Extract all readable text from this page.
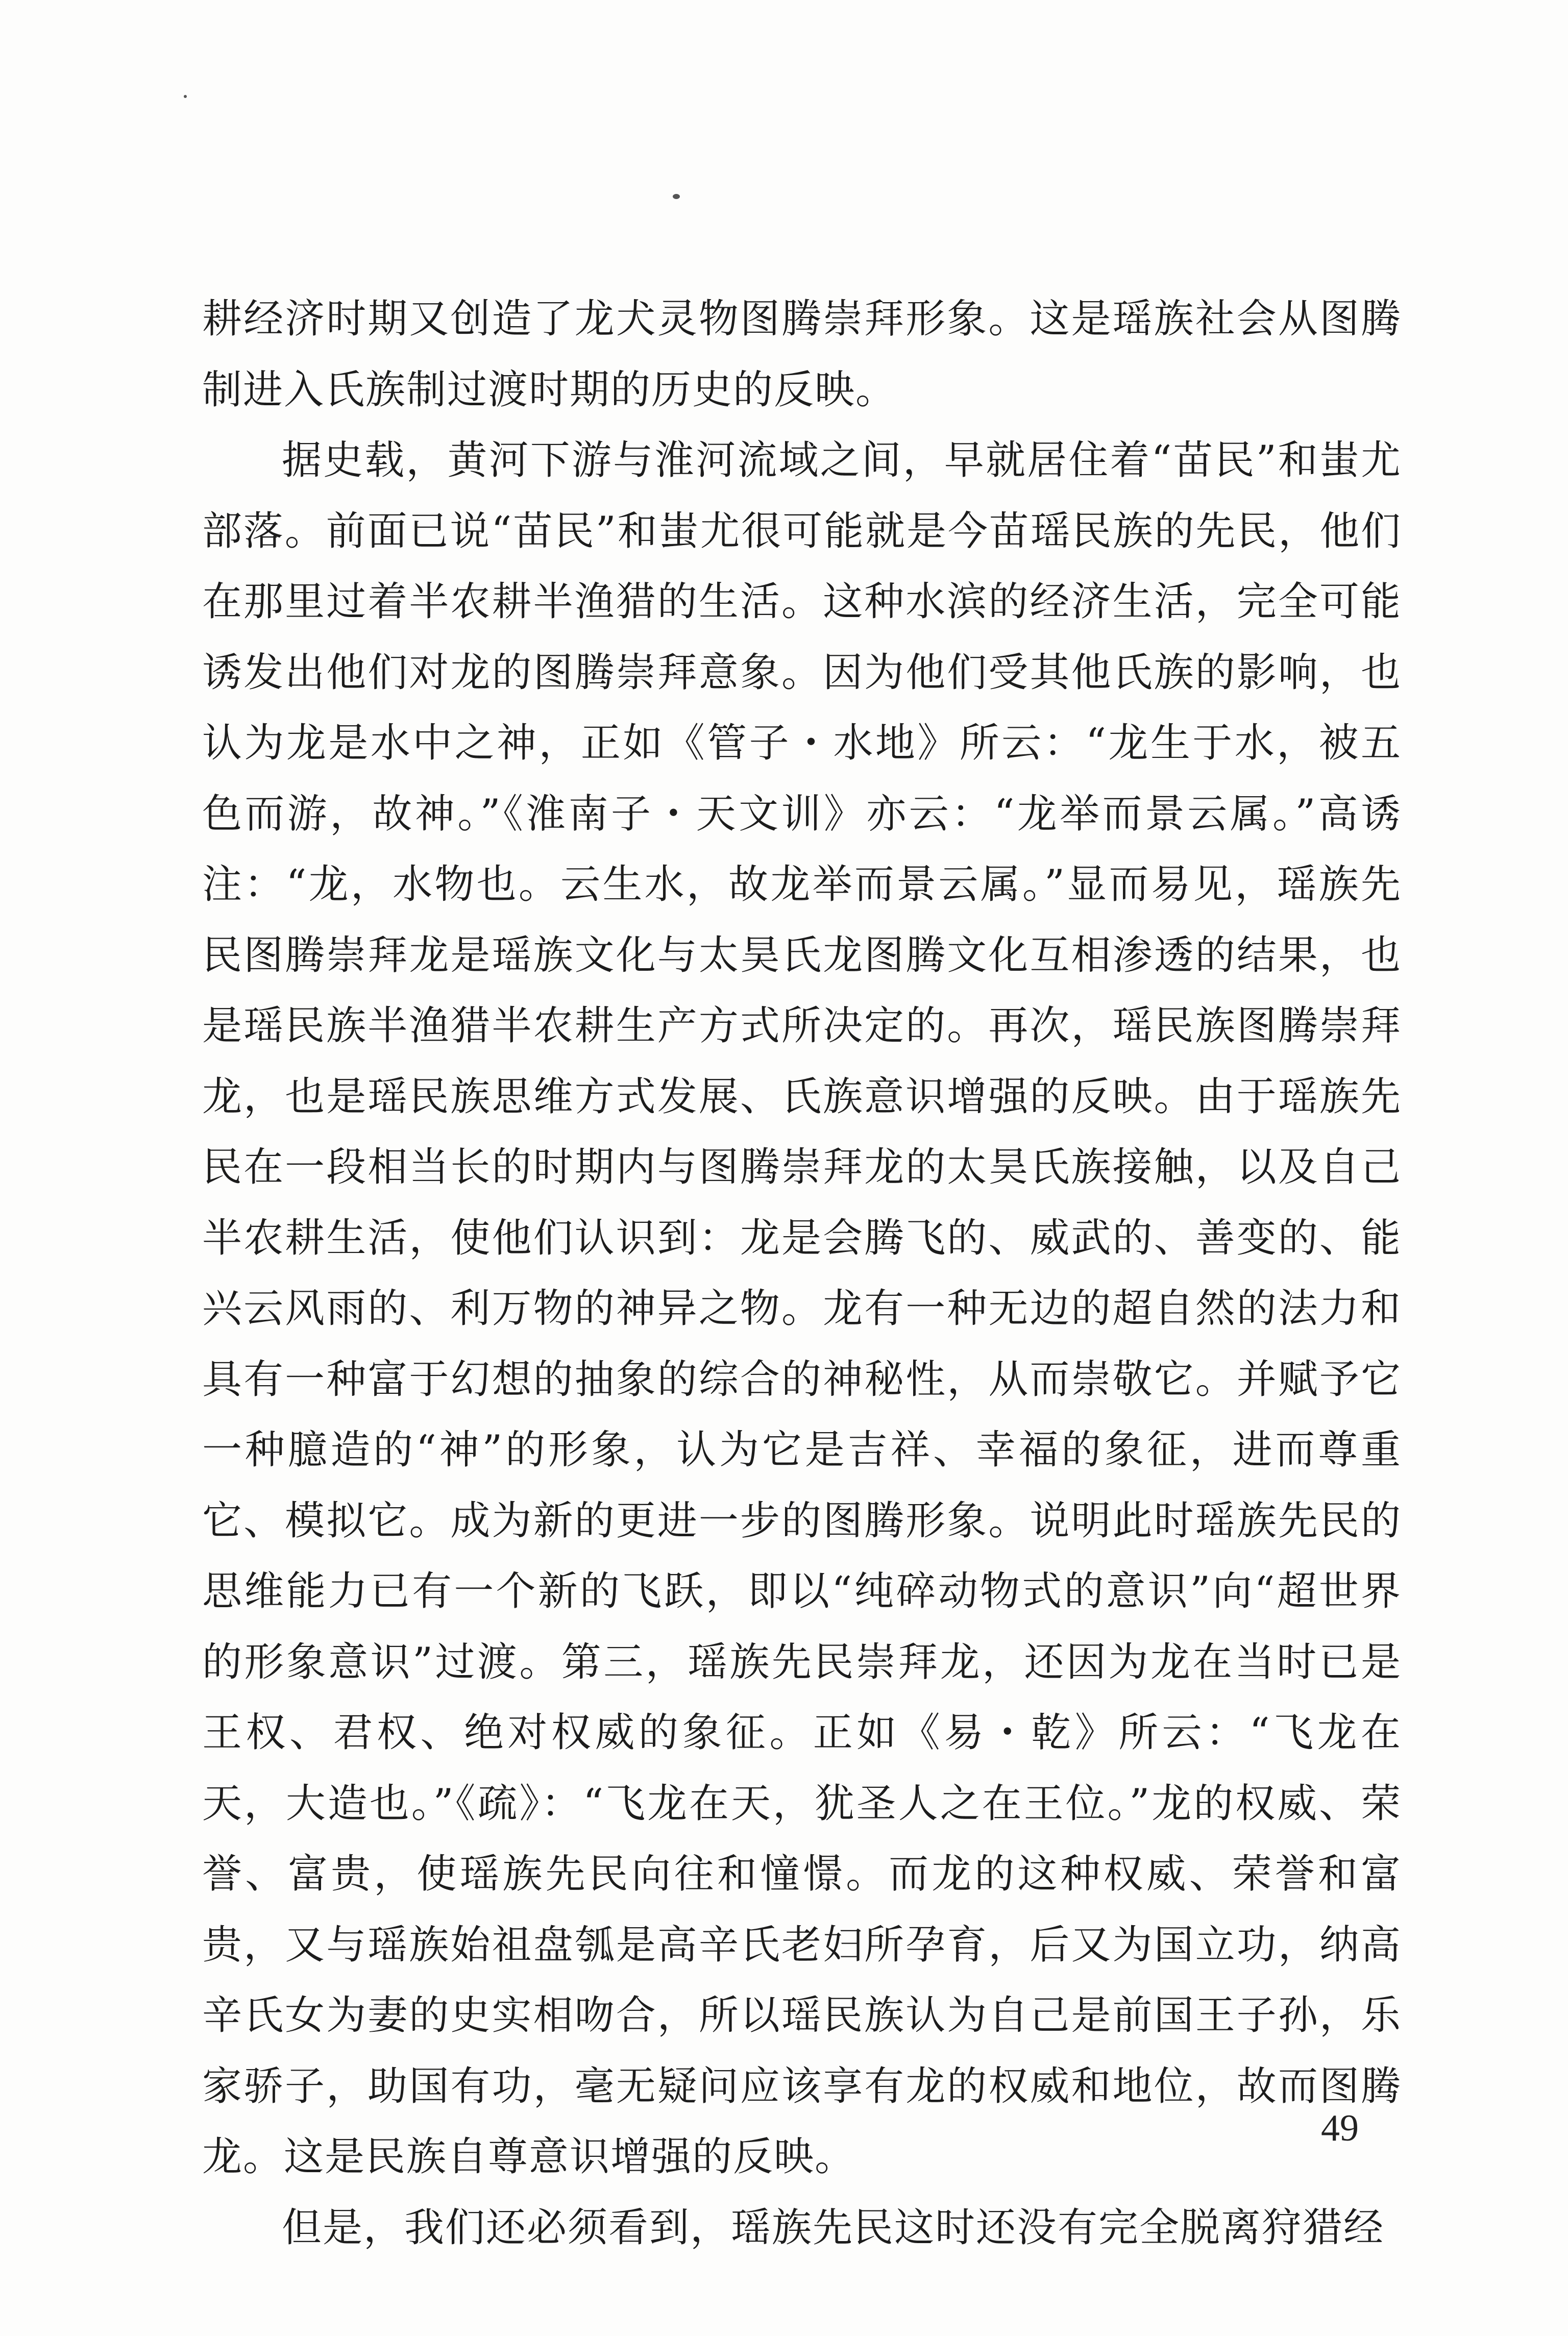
耕经济时期又创造了龙犬灵物图腾崇拜形象。这是瑶族社会从图腾制进入氏族制过渡时期的历史的反映。

据史载，黄河下游与淮河流域之间，早就居住着“苗民”和蚩尤部落。前面已说“苗民”和蚩尤很可能就是今苗瑶民族的先民，他们在那里过着半农耕半渔猎的生活。这种水滨的经济生活，完全可能诱发出他们对龙的图腾崇拜意象。因为他们受其他氏族的影响，也认为龙是水中之神，正如《管子・水地》所云：“龙生于水，被五色而游，故神。”《淮南子・天文训》亦云：“龙举而景云属。”高诱注：“龙，水物也。云生水，故龙举而景云属。”显而易见，瑶族先民图腾崇拜龙是瑶族文化与太昊氏龙图腾文化互相渗透的结果，也是瑶民族半渔猎半农耕生产方式所决定的。再次，瑶民族图腾崇拜龙，也是瑶民族思维方式发展、氏族意识增强的反映。由于瑶族先民在一段相当长的时期内与图腾崇拜龙的太昊氏族接触，以及自己半农耕生活，使他们认识到：龙是会腾飞的、威武的、善变的、能兴云风雨的、利万物的神异之物。龙有一种无边的超自然的法力和具有一种富于幻想的抽象的综合的神秘性，从而崇敬它。并赋予它一种臆造的“神”的形象，认为它是吉祥、幸福的象征，进而尊重它、模拟它。成为新的更进一步的图腾形象。说明此时瑶族先民的思维能力已有一个新的飞跃，即以“纯碎动物式的意识”向“超世界的形象意识”过渡。第三，瑶族先民崇拜龙，还因为龙在当时已是王权、君权、绝对权威的象征。正如《易・乾》所云：“飞龙在天，大造也。”《疏》：“飞龙在天，犹圣人之在王位。”龙的权威、荣誉、富贵，使瑶族先民向往和憧憬。而龙的这种权威、荣誉和富贵，又与瑶族始祖盘瓠是高辛氏老妇所孕育，后又为国立功，纳高辛氏女为妻的史实相吻合，所以瑶民族认为自己是前国王子孙，乐家骄子，助国有功，毫无疑问应该享有龙的权威和地位，故而图腾龙。这是民族自尊意识增强的反映。

但是，我们还必须看到，瑶族先民这时还没有完全脱离狩猎经

49
